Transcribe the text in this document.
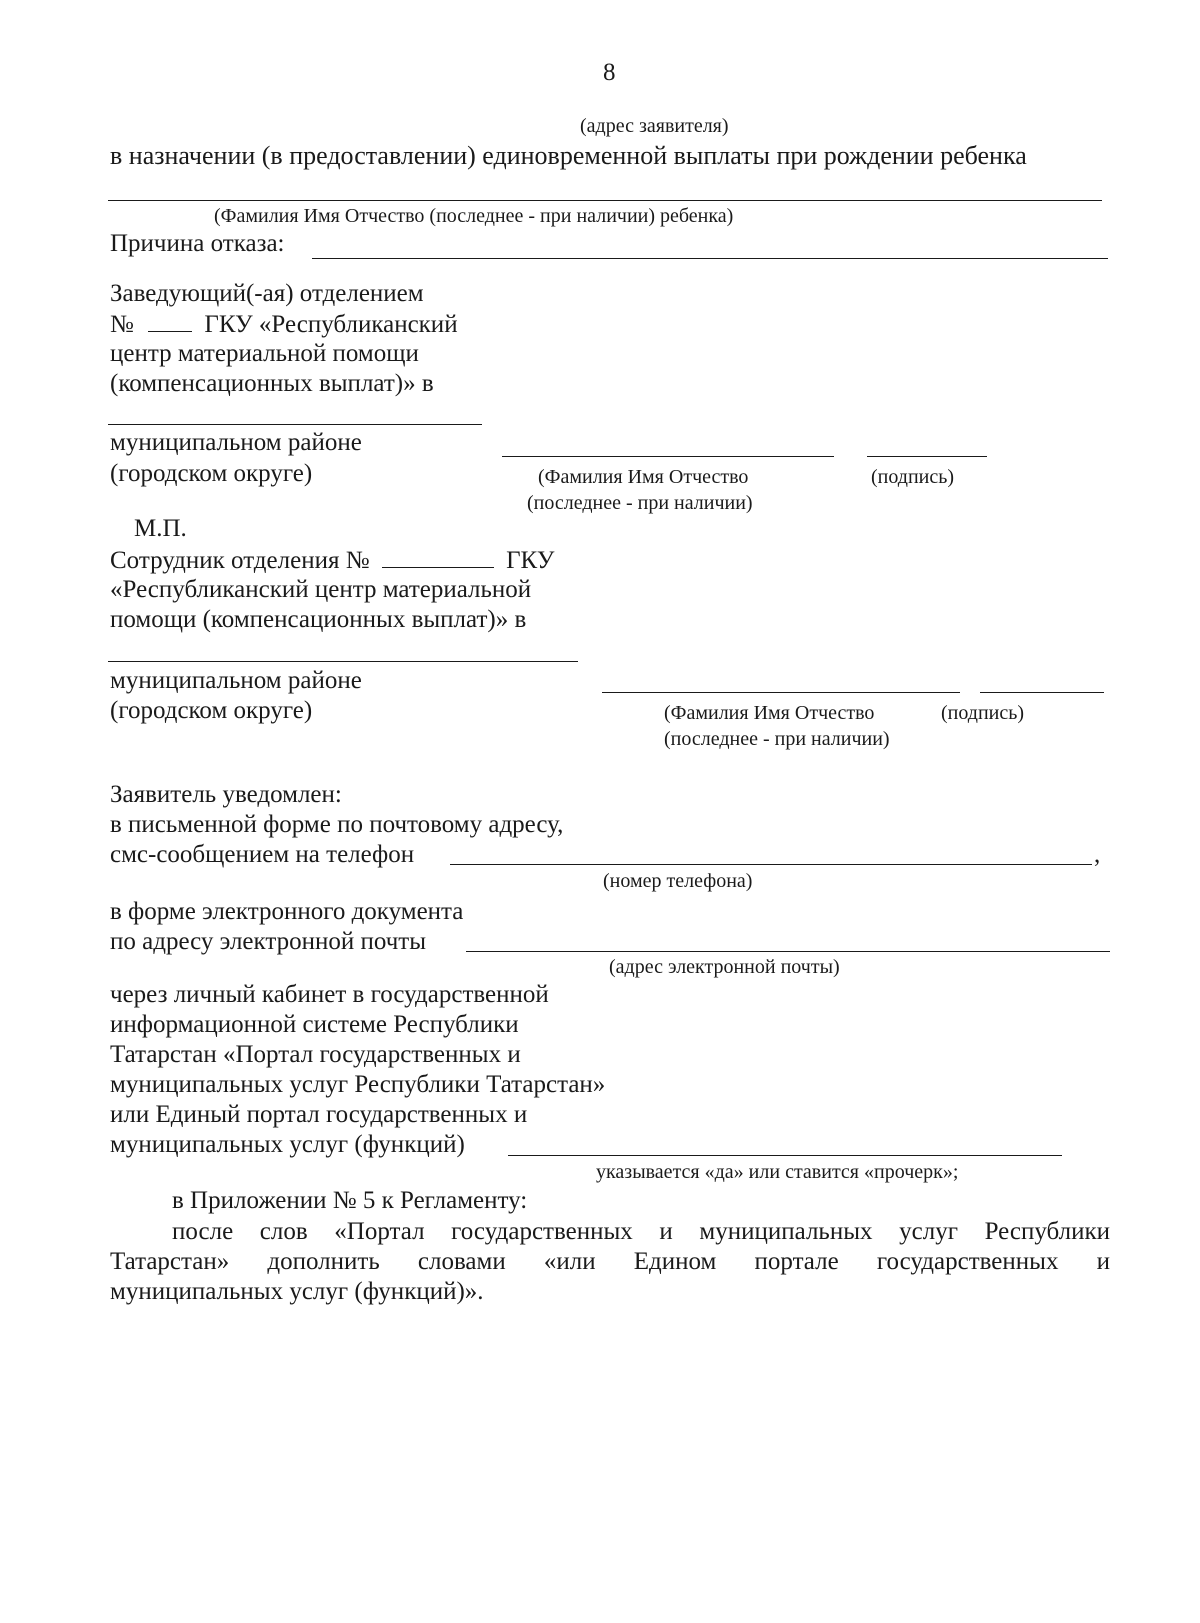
8
(адрес заявителя)
в назначении (в предоставлении) единовременной выплаты при рождении ребенка
(Фамилия Имя Отчество (последнее - при наличии) ребенка)
Причина отказа:
Заведующий(-ая) отделением
№	ГКУ «Республиканский
центр материальной помощи
(компенсационных выплат)» в
муниципальном районе
(городском округе)	(Фамилия Имя Отчество
(последнее - при наличии)
(подпись)
М.П.
Сотрудник отделения №	ГКУ
«Республиканский центр материальной
помощи (компенсационных выплат)» в
муниципальном районе
(городском округе)	(Фамилия Имя Отчество
(последнее - при наличии)
(подпись)
Заявитель уведомлен:
в письменной форме по почтовому адресу,
смс-сообщением на телефон	,
(номер телефона)
в форме электронного документа
по адресу электронной почты
(адрес электронной почты)
через личный кабинет в государственной
информационной системе Республики
Татарстан «Портал государственных и
муниципальных услуг Республики Татарстан»
или Единый портал государственных и
муниципальных услуг (функций)
указывается «да» или ставится «прочерк»;
в Приложении № 5 к Регламенту:
после слов «Портал государственных и муниципальных услуг Республики
Татарстан» дополнить словами «или Едином портале государственных и
муниципальных услуг (функций)».
